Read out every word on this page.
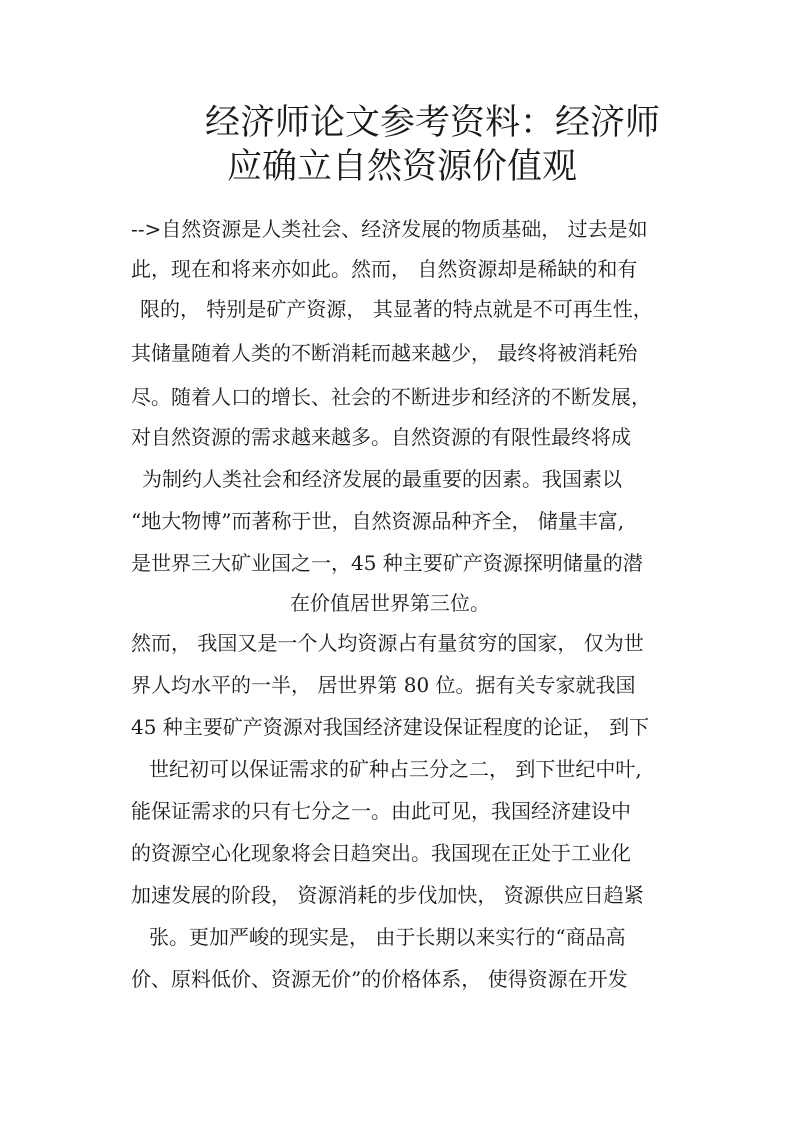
经济师论文参考资料：经济师
应确立自然资源价值观
-->自然资源是人类社会、经济发展的物质基础， 过去是如
此，现在和将来亦如此。然而， 自然资源却是稀缺的和有
限的， 特别是矿产资源， 其显著的特点就是不可再生性，
其储量随着人类的不断消耗而越来越少， 最终将被消耗殆
尽。随着人口的增长、社会的不断进步和经济的不断发展，
对自然资源的需求越来越多。自然资源的有限性最终将成
为制约人类社会和经济发展的最重要的因素。我国素以
“地大物博”而著称于世，自然资源品种齐全， 储量丰富,
是世界三大矿业国之一，45 种主要矿产资源探明储量的潜
在价值居世界第三位。
然而， 我国又是一个人均资源占有量贫穷的国家， 仅为世
界人均水平的一半， 居世界第 80 位。据有关专家就我国
45 种主要矿产资源对我国经济建设保证程度的论证， 到下
世纪初可以保证需求的矿种占三分之二， 到下世纪中叶,
能保证需求的只有七分之一。由此可见，我国经济建设中
的资源空心化现象将会日趋突出。我国现在正处于工业化
加速发展的阶段， 资源消耗的步伐加快， 资源供应日趋紧
张。更加严峻的现实是， 由于长期以来实行的“商品高
价、原料低价、资源无价”的价格体系， 使得资源在开发
